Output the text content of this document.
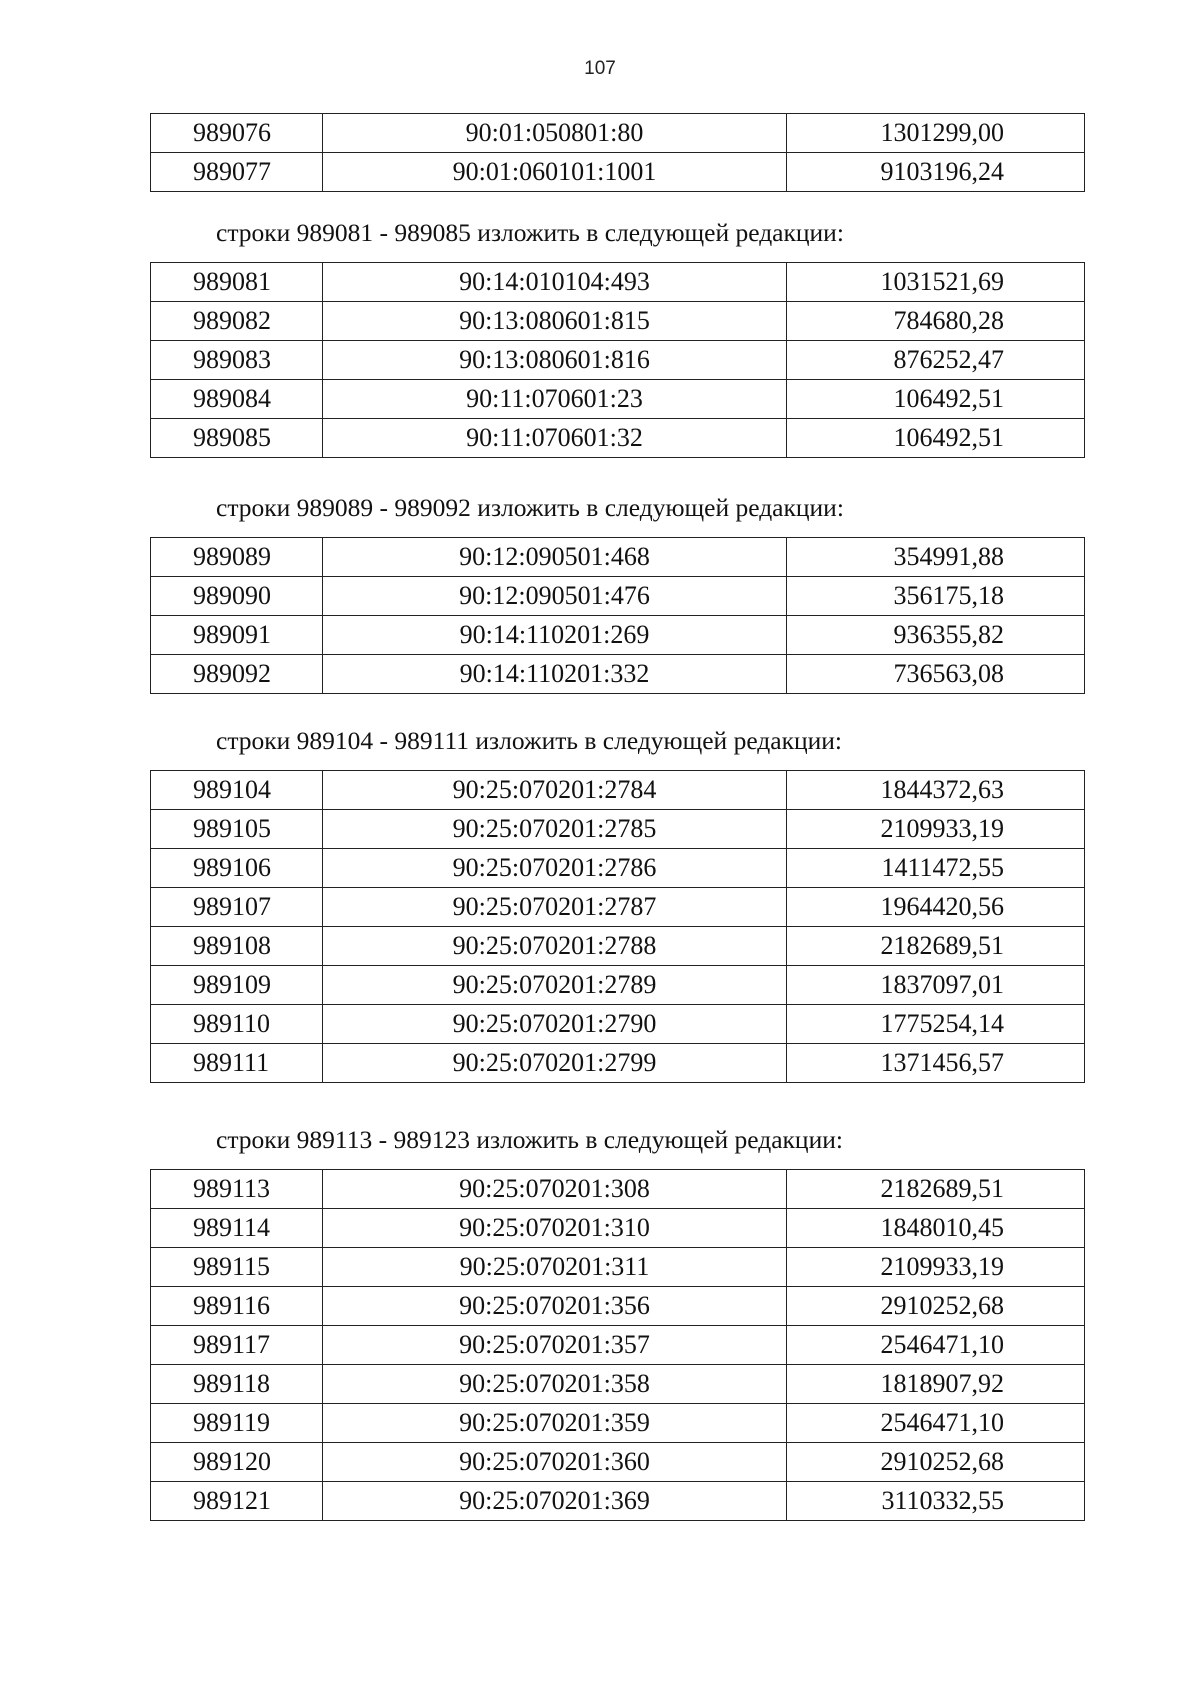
107
989076	90:01:050801:80	1301299,00
989077	90:01:060101:1001	9103196,24

строки 989081 - 989085 изложить в следующей редакции:

989081	90:14:010104:493	1031521,69
989082	90:13:080601:815	784680,28
989083	90:13:080601:816	876252,47
989084	90:11:070601:23	106492,51
989085	90:11:070601:32	106492,51

строки 989089 - 989092 изложить в следующей редакции:

989089	90:12:090501:468	354991,88
989090	90:12:090501:476	356175,18
989091	90:14:110201:269	936355,82
989092	90:14:110201:332	736563,08

строки 989104 - 989111 изложить в следующей редакции:

989104	90:25:070201:2784	1844372,63
989105	90:25:070201:2785	2109933,19
989106	90:25:070201:2786	1411472,55
989107	90:25:070201:2787	1964420,56
989108	90:25:070201:2788	2182689,51
989109	90:25:070201:2789	1837097,01
989110	90:25:070201:2790	1775254,14
989111	90:25:070201:2799	1371456,57

строки 989113 - 989123 изложить в следующей редакции:

989113	90:25:070201:308	2182689,51
989114	90:25:070201:310	1848010,45
989115	90:25:070201:311	2109933,19
989116	90:25:070201:356	2910252,68
989117	90:25:070201:357	2546471,10
989118	90:25:070201:358	1818907,92
989119	90:25:070201:359	2546471,10
989120	90:25:070201:360	2910252,68
989121	90:25:070201:369	3110332,55
